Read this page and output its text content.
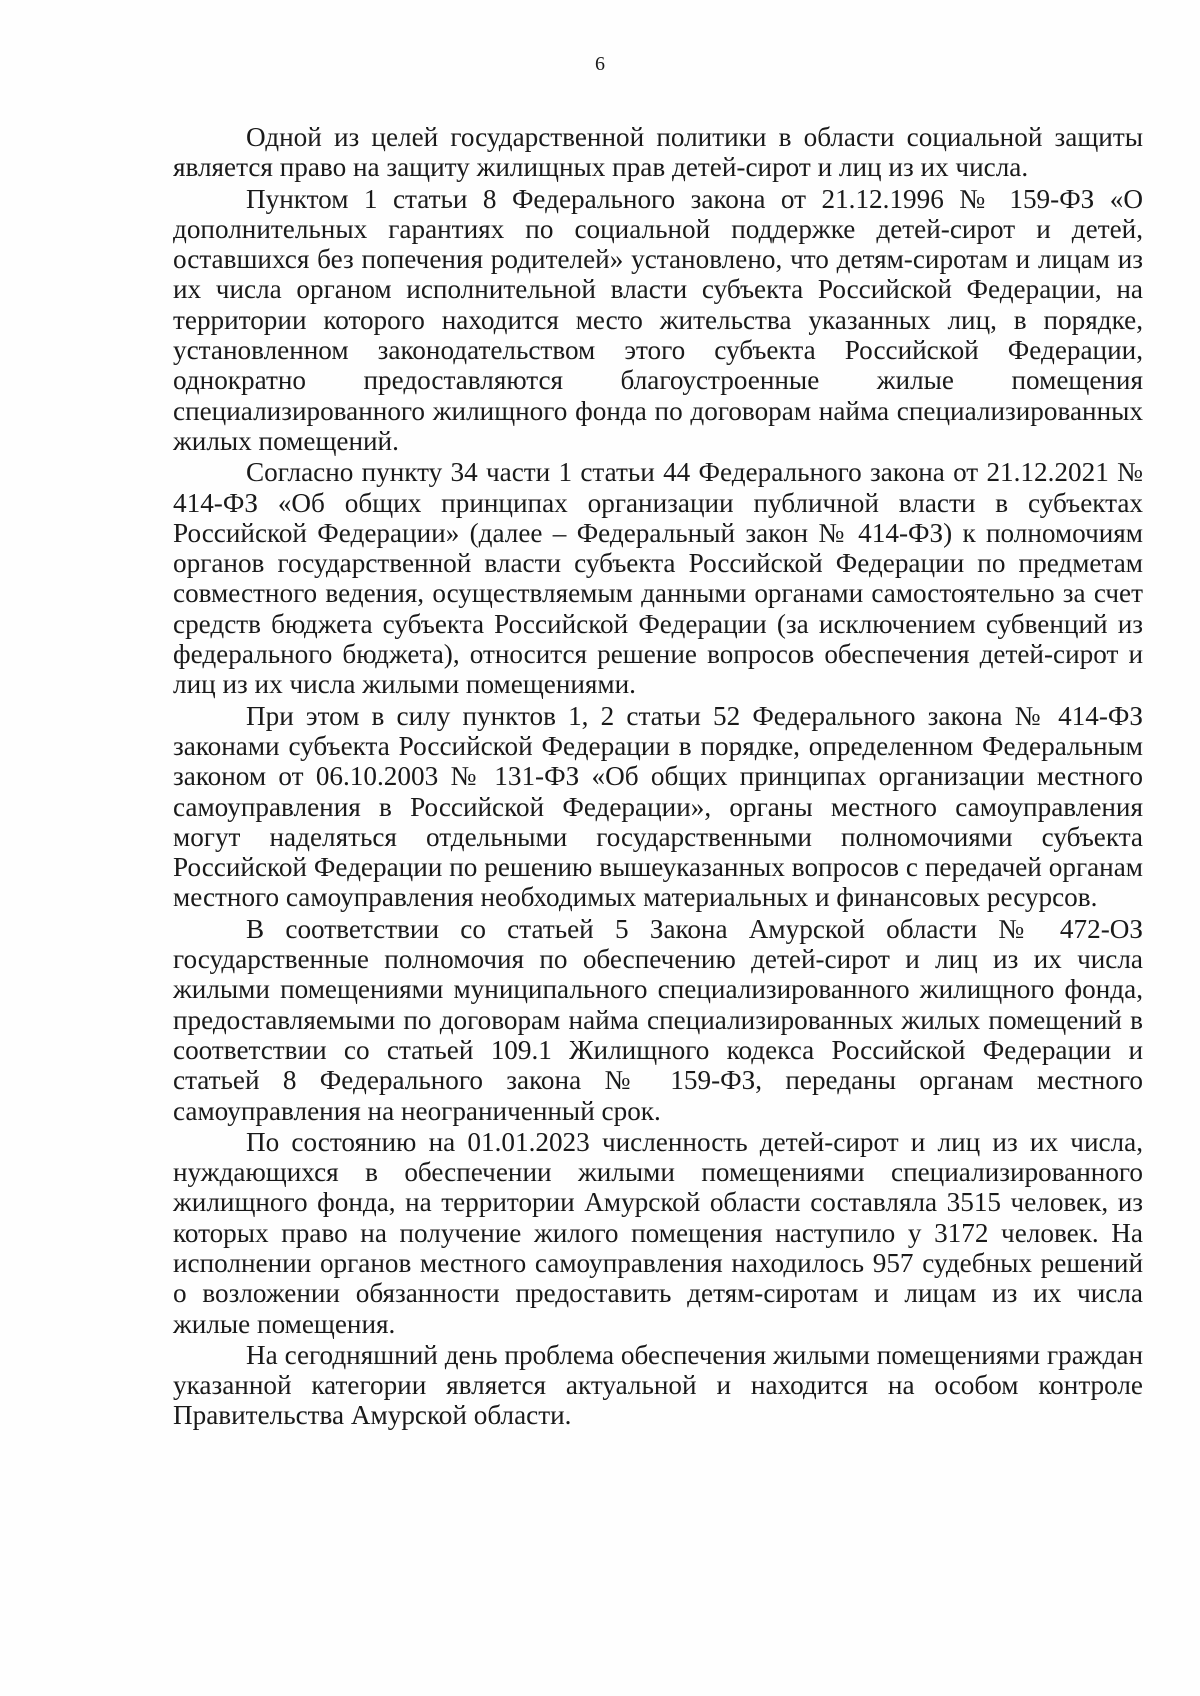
6

Одной из целей государственной политики в области социальной защиты является право на защиту жилищных прав детей-сирот и лиц из их числа.

Пунктом 1 статьи 8 Федерального закона от 21.12.1996 № 159-ФЗ «О дополнительных гарантиях по социальной поддержке детей-сирот и детей, оставшихся без попечения родителей» установлено, что детям-сиротам и лицам из их числа органом исполнительной власти субъекта Российской Федерации, на территории которого находится место жительства указанных лиц, в порядке, установленном законодательством этого субъекта Российской Федерации, однократно предоставляются благоустроенные жилые помещения специализированного жилищного фонда по договорам найма специализированных жилых помещений.

Согласно пункту 34 части 1 статьи 44 Федерального закона от 21.12.2021 № 414-ФЗ «Об общих принципах организации публичной власти в субъектах Российской Федерации» (далее – Федеральный закон № 414-ФЗ) к полномочиям органов государственной власти субъекта Российской Федерации по предметам совместного ведения, осуществляемым данными органами самостоятельно за счет средств бюджета субъекта Российской Федерации (за исключением субвенций из федерального бюджета), относится решение вопросов обеспечения детей-сирот и лиц из их числа жилыми помещениями.

При этом в силу пунктов 1, 2 статьи 52 Федерального закона № 414-ФЗ законами субъекта Российской Федерации в порядке, определенном Федеральным законом от 06.10.2003 № 131-ФЗ «Об общих принципах организации местного самоуправления в Российской Федерации», органы местного самоуправления могут наделяться отдельными государственными полномочиями субъекта Российской Федерации по решению вышеуказанных вопросов с передачей органам местного самоуправления необходимых материальных и финансовых ресурсов.

В соответствии со статьей 5 Закона Амурской области № 472-ОЗ государственные полномочия по обеспечению детей-сирот и лиц из их числа жилыми помещениями муниципального специализированного жилищного фонда, предоставляемыми по договорам найма специализированных жилых помещений в соответствии со статьей 109.1 Жилищного кодекса Российской Федерации и статьей 8 Федерального закона № 159-ФЗ, переданы органам местного самоуправления на неограниченный срок.

По состоянию на 01.01.2023 численность детей-сирот и лиц из их числа, нуждающихся в обеспечении жилыми помещениями специализированного жилищного фонда, на территории Амурской области составляла 3515 человек, из которых право на получение жилого помещения наступило у 3172 человек. На исполнении органов местного самоуправления находилось 957 судебных решений о возложении обязанности предоставить детям-сиротам и лицам из их числа жилые помещения.

На сегодняшний день проблема обеспечения жилыми помещениями граждан указанной категории является актуальной и находится на особом контроле Правительства Амурской области.
